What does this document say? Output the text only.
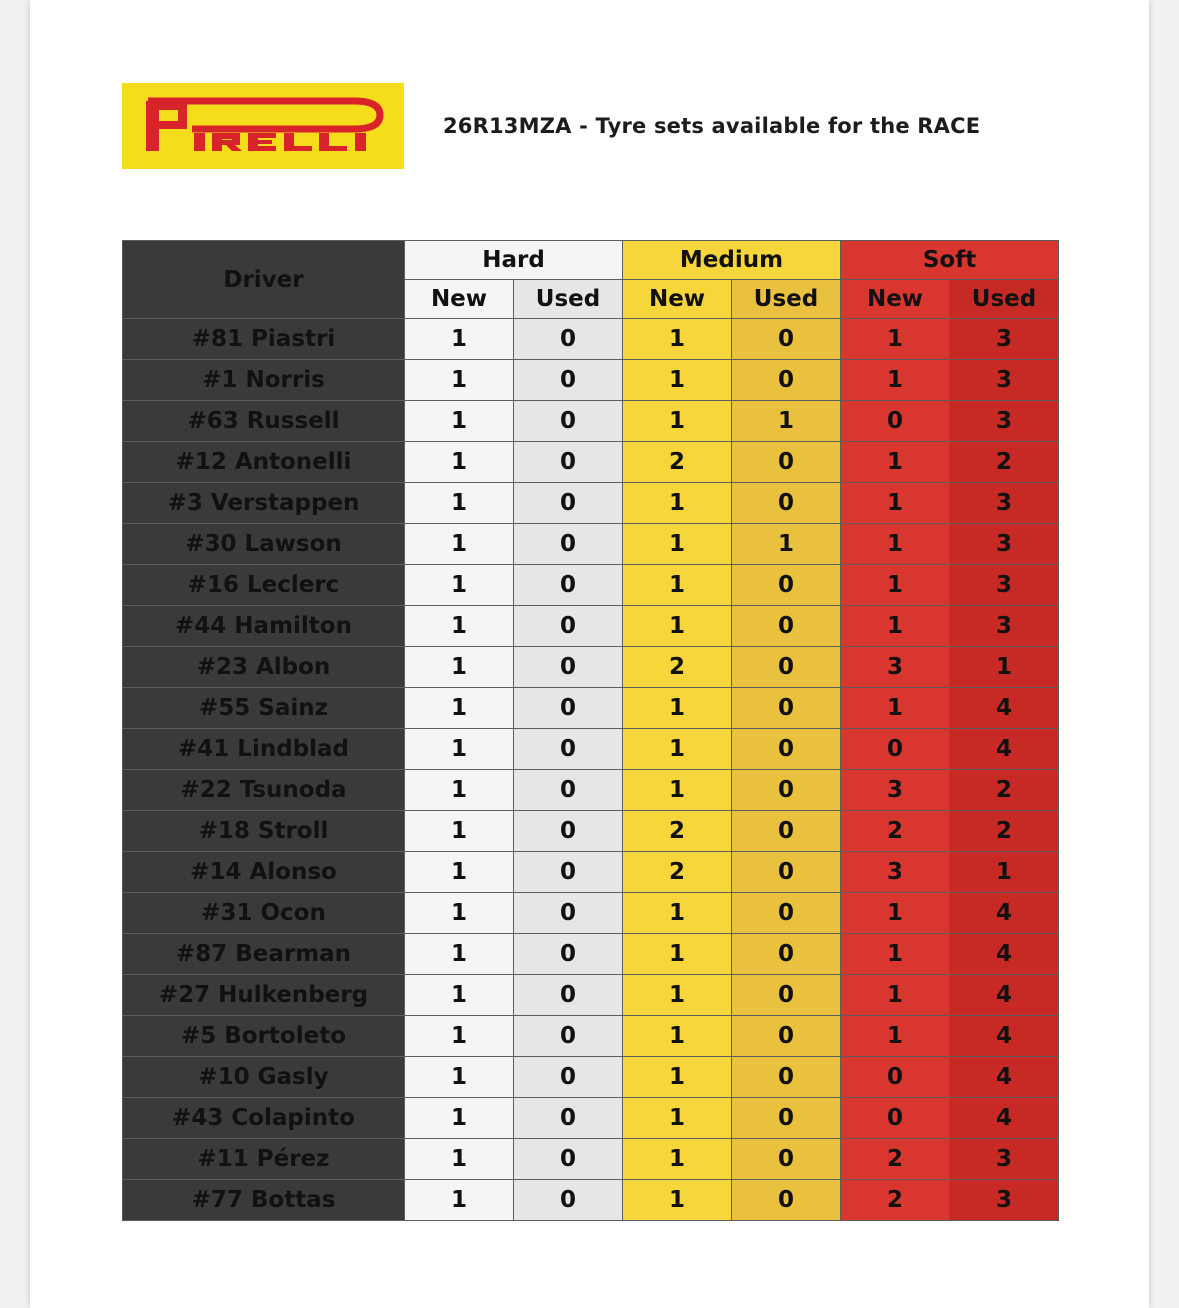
26R13MZA - Tyre sets available for the RACE
Driver	Hard		Medium		Soft	
	New	Used	New	Used	New	Used
#81 Piastri	1	0	1	0	1	3
#1 Norris	1	0	1	0	1	3
#63 Russell	1	0	1	1	0	3
#12 Antonelli	1	0	2	0	1	2
#3 Verstappen	1	0	1	0	1	3
#30 Lawson	1	0	1	1	1	3
#16 Leclerc	1	0	1	0	1	3
#44 Hamilton	1	0	1	0	1	3
#23 Albon	1	0	2	0	3	1
#55 Sainz	1	0	1	0	1	4
#41 Lindblad	1	0	1	0	0	4
#22 Tsunoda	1	0	1	0	3	2
#18 Stroll	1	0	2	0	2	2
#14 Alonso	1	0	2	0	3	1
#31 Ocon	1	0	1	0	1	4
#87 Bearman	1	0	1	0	1	4
#27 Hulkenberg	1	0	1	0	1	4
#5 Bortoleto	1	0	1	0	1	4
#10 Gasly	1	0	1	0	0	4
#43 Colapinto	1	0	1	0	0	4
#11 Pérez	1	0	1	0	2	3
#77 Bottas	1	0	1	0	2	3
